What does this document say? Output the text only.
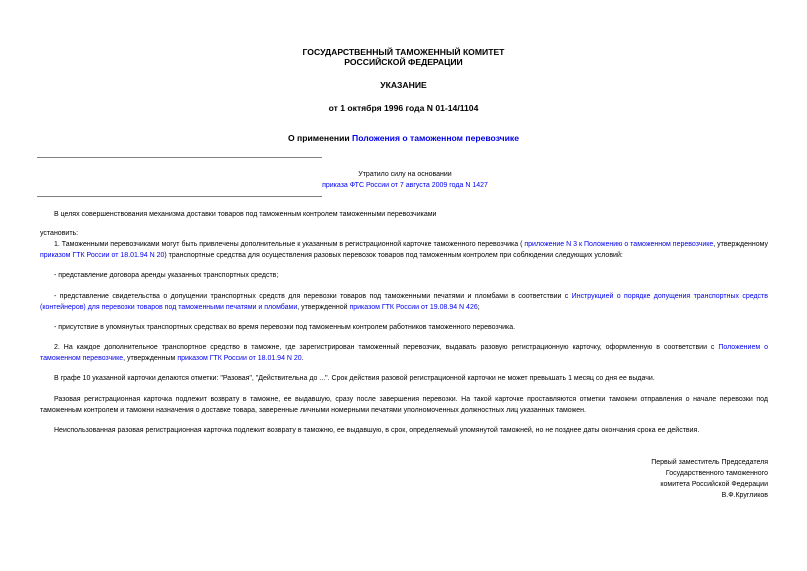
ГОСУДАРСТВЕННЫЙ ТАМОЖЕННЫЙ КОМИТЕТ
РОССИЙСКОЙ ФЕДЕРАЦИИ
УКАЗАНИЕ
от 1 октября 1996 года N 01-14/1104
О применении Положения о таможенном перевозчике
Утратило силу на основании
приказа ФТС России от 7 августа 2009 года N 1427
В целях совершенствования механизма доставки товаров под таможенным контролем таможенными перевозчиками
установить:
1. Таможенными перевозчиками могут быть привлечены дополнительные к указанным в регистрационной карточке таможенного перевозчика ( приложение N 3 к Положению о таможенном перевозчике, утвержденному приказом ГТК России от 18.01.94 N 20) транспортные средства для осуществления разовых перевозок товаров под таможенным контролем при соблюдении следующих условий:
- представление договора аренды указанных транспортных средств;
- представление свидетельства о допущении транспортных средств для перевозки товаров под таможенными печатями и пломбами в соответствии с Инструкцией о порядке допущения транспортных средств (контейнеров) для перевозки товаров под таможенными печатями и пломбами, утвержденной приказом ГТК России от 19.08.94 N 426;
- присутствие в упомянутых транспортных средствах во время перевозки под таможенным контролем работников таможенного перевозчика.
2. На каждое дополнительное транспортное средство в таможне, где зарегистрирован таможенный перевозчик, выдавать разовую регистрационную карточку, оформленную в соответствии с Положением о таможенном перевозчике, утвержденным приказом ГТК России от 18.01.94 N 20.
В графе 10 указанной карточки делаются отметки: "Разовая", "Действительна до ...". Срок действия разовой регистрационной карточки не может превышать 1 месяц со дня ее выдачи.
Разовая регистрационная карточка подлежит возврату в таможне, ее выдавшую, сразу после завершения перевозки. На такой карточке проставляются отметки таможни отправления о начале перевозки под таможенным контролем и таможни назначения о доставке товара, заверенные личными номерными печатями уполномоченных должностных лиц указанных таможен.
Неиспользованная разовая регистрационная карточка подлежит возврату в таможню, ее выдавшую, в срок, определяемый упомянутой таможней, но не позднее даты окончания срока ее действия.
Первый заместитель Председателя
Государственного таможенного
комитета Российской Федерации
В.Ф.Кругликов
